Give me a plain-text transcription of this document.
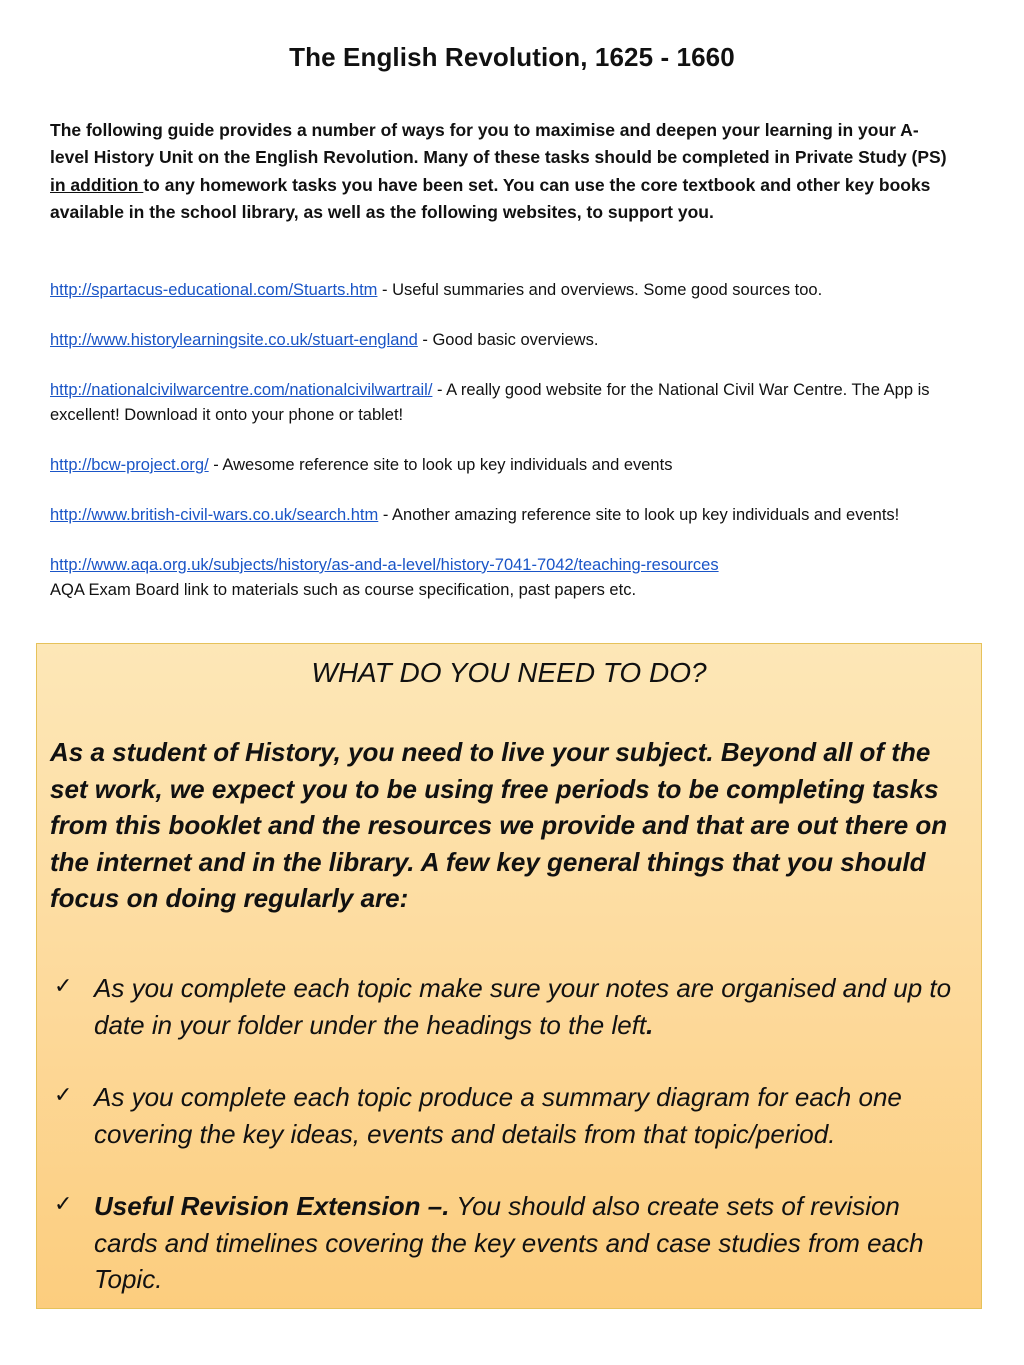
The English Revolution, 1625 - 1660
The following guide provides a number of ways for you to maximise and deepen your learning in your A-level History Unit on the English Revolution. Many of these tasks should be completed in Private Study (PS) in addition to any homework tasks you have been set. You can use the core textbook and other key books available in the school library, as well as the following websites, to support you.
http://spartacus-educational.com/Stuarts.htm - Useful summaries and overviews. Some good sources too.
http://www.historylearningsite.co.uk/stuart-england - Good basic overviews.
http://nationalcivilwarcentre.com/nationalcivilwartrail/ - A really good website for the National Civil War Centre. The App is excellent! Download it onto your phone or tablet!
http://bcw-project.org/ - Awesome reference site to look up key individuals and events
http://www.british-civil-wars.co.uk/search.htm - Another amazing reference site to look up key individuals and events!
http://www.aqa.org.uk/subjects/history/as-and-a-level/history-7041-7042/teaching-resources
AQA Exam Board link to materials such as course specification, past papers etc.
WHAT DO YOU NEED TO DO?
As a student of History, you need to live your subject. Beyond all of the set work, we expect you to be using free periods to be completing tasks from this booklet and the resources we provide and that are out there on the internet and in the library. A few key general things that you should focus on doing regularly are:
✓ As you complete each topic make sure your notes are organised and up to date in your folder under the headings to the left.
✓ As you complete each topic produce a summary diagram for each one covering the key ideas, events and details from that topic/period.
✓ Useful Revision Extension –. You should also create sets of revision cards and timelines covering the key events and case studies from each Topic.
